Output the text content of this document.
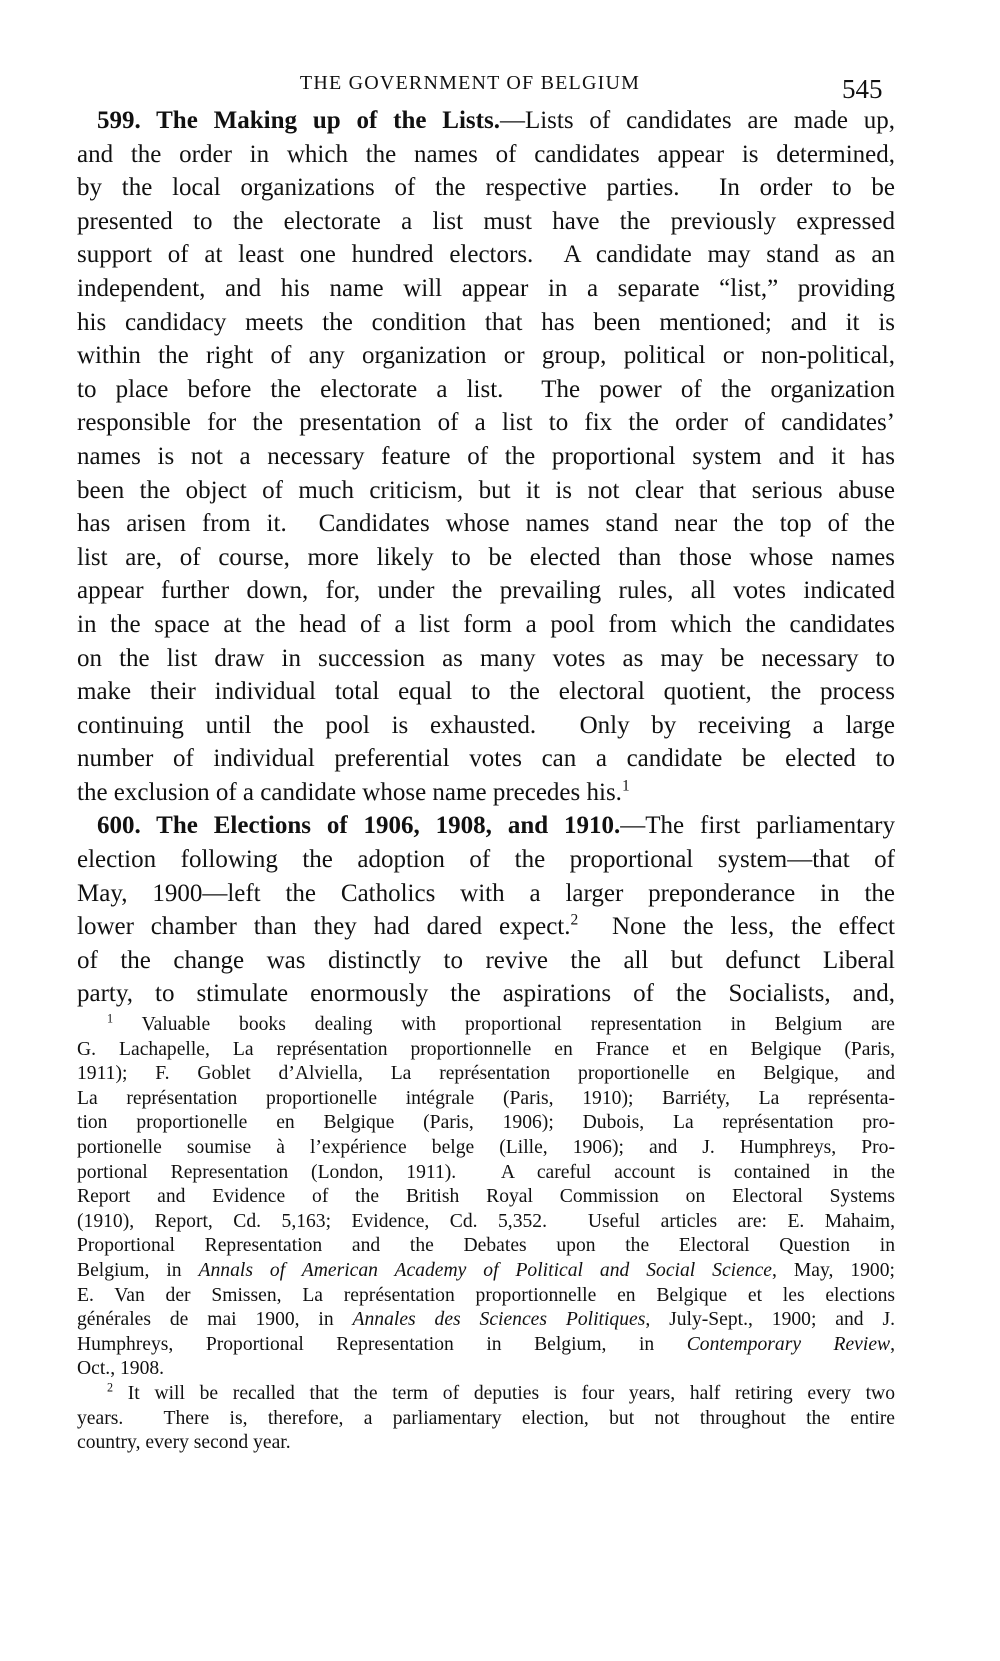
THE GOVERNMENT OF BELGIUM	545
599. The Making up of the Lists.—Lists of candidates are made up,
and the order in which the names of candidates appear is determined,
by the local organizations of the respective parties.  In order to be
presented to the electorate a list must have the previously expressed
support of at least one hundred electors.  A candidate may stand as an
independent, and his name will appear in a separate “list,” providing
his candidacy meets the condition that has been mentioned; and it is
within the right of any organization or group, political or non-political,
to place before the electorate a list.  The power of the organization
responsible for the presentation of a list to fix the order of candidates’
names is not a necessary feature of the proportional system and it has
been the object of much criticism, but it is not clear that serious abuse
has arisen from it.  Candidates whose names stand near the top of the
list are, of course, more likely to be elected than those whose names
appear further down, for, under the prevailing rules, all votes indicated
in the space at the head of a list form a pool from which the candidates
on the list draw in succession as many votes as may be necessary to
make their individual total equal to the electoral quotient, the process
continuing until the pool is exhausted.  Only by receiving a large
number of individual preferential votes can a candidate be elected to
the exclusion of a candidate whose name precedes his.$^1$
600. The Elections of 1906, 1908, and 1910.—The first parliamentary
election following the adoption of the proportional system—that of
May, 1900—left the Catholics with a larger preponderance in the
lower chamber than they had dared expect.$^2$  None the less, the effect
of the change was distinctly to revive the all but defunct Liberal
party, to stimulate enormously the aspirations of the Socialists, and,
$^1$ Valuable books dealing with proportional representation in Belgium are
G. Lachapelle, La représentation proportionnelle en France et en Belgique (Paris,
1911); F. Goblet d’Alviella, La représentation proportionelle en Belgique, and
La représentation proportionelle intégrale (Paris, 1910); Barriéty, La représenta-
tion proportionelle en Belgique (Paris, 1906); Dubois, La représentation pro-
portionelle soumise à l’expérience belge (Lille, 1906); and J. Humphreys, Pro-
portional Representation (London, 1911).  A careful account is contained in the
Report and Evidence of the British Royal Commission on Electoral Systems
(1910), Report, Cd. 5,163; Evidence, Cd. 5,352.  Useful articles are: E. Mahaim,
Proportional Representation and the Debates upon the Electoral Question in
Belgium, in Annals of American Academy of Political and Social Science, May, 1900;
E. Van der Smissen, La représentation proportionnelle en Belgique et les elections
générales de mai 1900, in Annales des Sciences Politiques, July-Sept., 1900; and J.
Humphreys, Proportional Representation in Belgium, in Contemporary Review,
Oct., 1908.
$^2$ It will be recalled that the term of deputies is four years, half retiring every two
years.  There is, therefore, a parliamentary election, but not throughout the entire
country, every second year.
